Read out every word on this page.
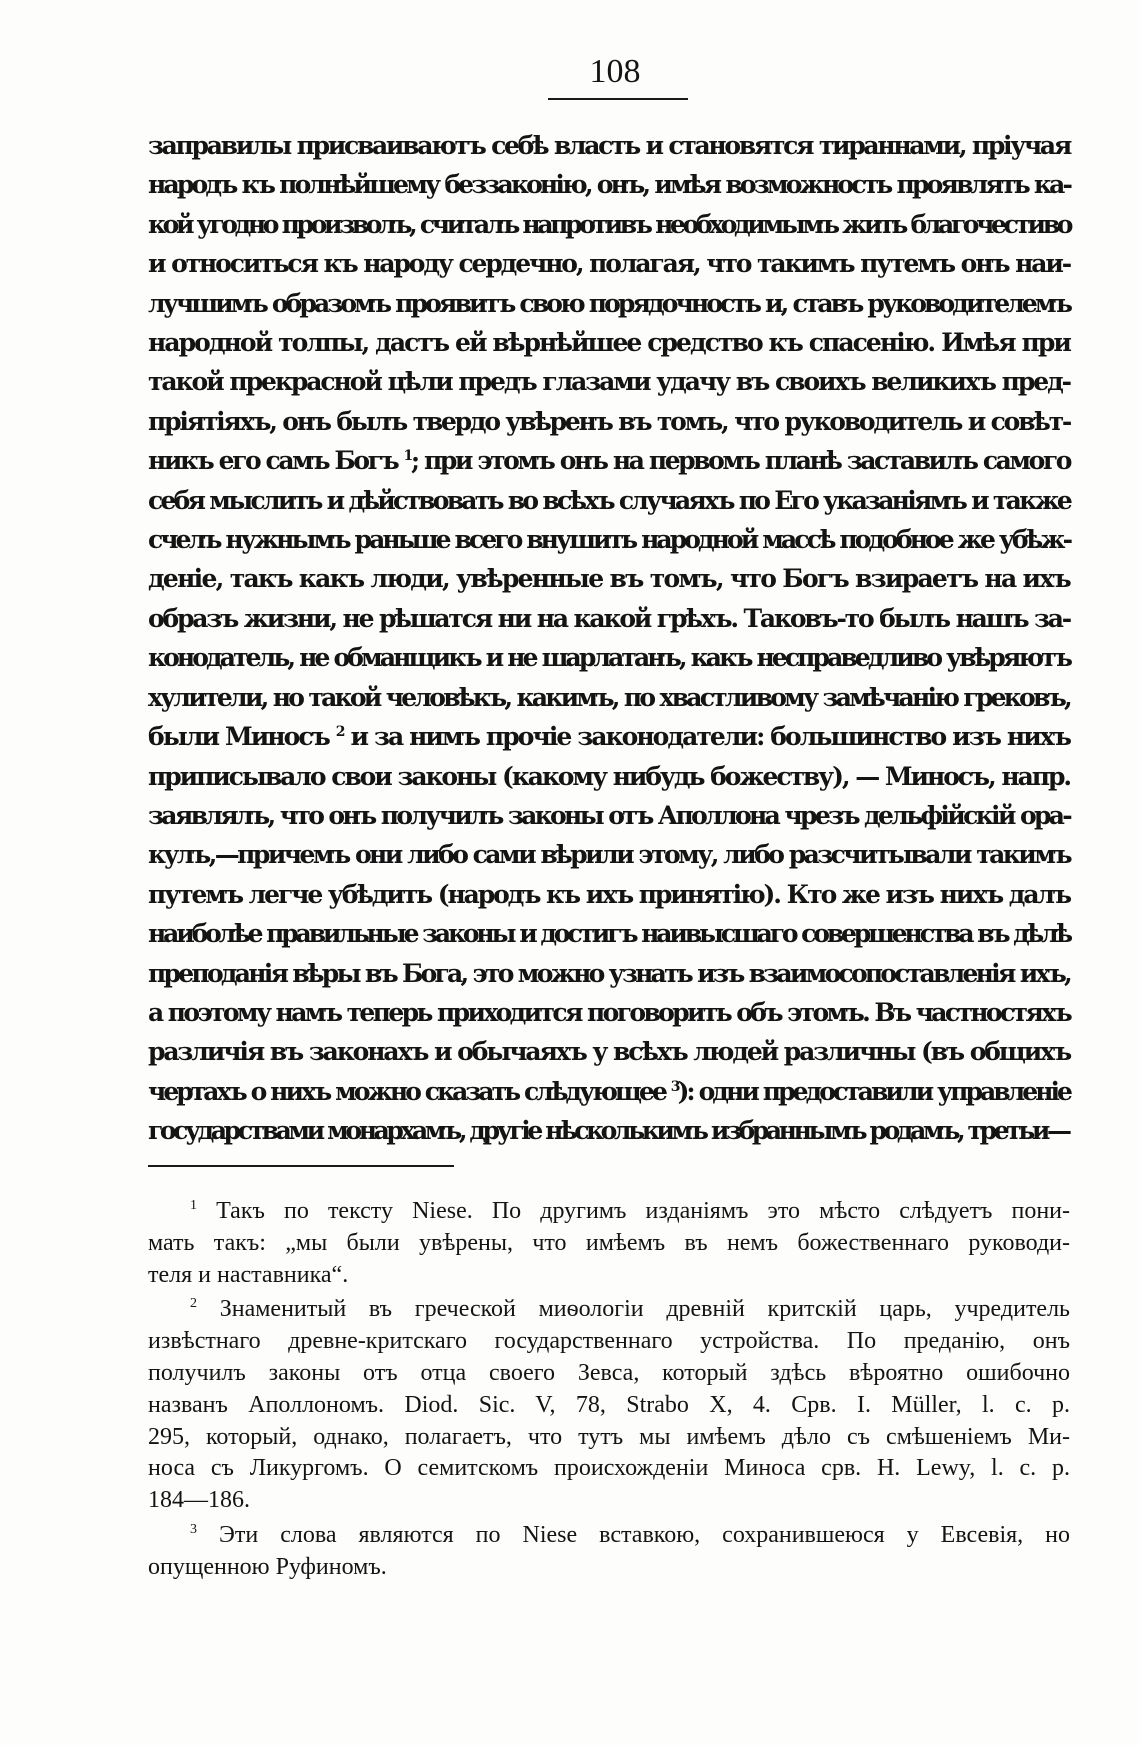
108
заправилы присваиваютъ себѣ власть и становятся тираннами, пріучая
народъ къ полнѣйшему беззаконію, онъ, имѣя возможность проявлять ка-
кой угодно произволъ, считалъ напротивъ необходимымъ жить благочестиво
и относиться къ народу сердечно, полагая, что такимъ путемъ онъ наи-
лучшимъ образомъ проявитъ свою порядочность и, ставъ руководителемъ
народной толпы, дастъ ей вѣрнѣйшее средство къ спасенію. Имѣя при
такой прекрасной цѣли предъ глазами удачу въ своихъ великихъ пред-
пріятіяхъ, онъ былъ твердо увѣренъ въ томъ, что руководитель и совѣт-
никъ его самъ Богъ $^1$; при этомъ онъ на первомъ планѣ заставилъ самого
себя мыслить и дѣйствовать во всѣхъ случаяхъ по Его указаніямъ и также
счелъ нужнымъ раньше всего внушить народной массѣ подобное же убѣж-
деніе, такъ какъ люди, увѣренные въ томъ, что Богъ взираетъ на ихъ
образъ жизни, не рѣшатся ни на какой грѣхъ. Таковъ-то былъ нашъ за-
конодатель, не обманщикъ и не шарлатанъ, какъ несправедливо увѣряютъ
хулители, но такой человѣкъ, какимъ, по хвастливому замѣчанію грековъ,
были Миносъ $^2$ и за нимъ прочіе законодатели: большинство изъ нихъ
приписывало свои законы (какому нибудь божеству), — Миносъ, напр.
заявлялъ, что онъ получилъ законы отъ Аполлона чрезъ дельфійскій ора-
кулъ,—причемъ они либо сами вѣрили этому, либо разсчитывали такимъ
путемъ легче убѣдить (народъ къ ихъ принятію). Кто же изъ нихъ далъ
наиболѣе правильные законы и достигъ наивысшаго совершенства въ дѣлѣ
преподанія вѣры въ Бога, это можно узнать изъ взаимосопоставленія ихъ,
а поэтому намъ теперь приходится поговорить объ этомъ. Въ частностяхъ
различія въ законахъ и обычаяхъ у всѣхъ людей различны (въ общихъ
чертахъ о нихъ можно сказать слѣдующее $^3$): одни предоставили управленіе
государствами монархамъ, другіе нѣсколькимъ избраннымъ родамъ, третьи—
$^1$ Такъ по тексту Niese. По другимъ изданіямъ это мѣсто слѣдуетъ пони-
мать такъ: „мы были увѣрены, что имѣемъ въ немъ божественнаго руководи-
теля и наставника“.
$^2$ Знаменитый въ греческой миѳологіи древній критскій царь, учредитель
извѣстнаго древне-критскаго государственнаго устройства. По преданію, онъ
получилъ законы отъ отца своего Зевса, который здѣсь вѣроятно ошибочно
названъ Аполлономъ. Diod. Sic. V, 78, Strabo X, 4. Срв. I. Müller, l. c. p.
295, который, однако, полагаетъ, что тутъ мы имѣемъ дѣло съ смѣшеніемъ Ми-
носа съ Ликургомъ. О семитскомъ происхожденіи Миноса срв. H. Lewy, l. c. p.
184—186.
$^3$ Эти слова являются по Niese вставкою, сохранившеюся у Евсевія, но
опущенною Руфиномъ.
